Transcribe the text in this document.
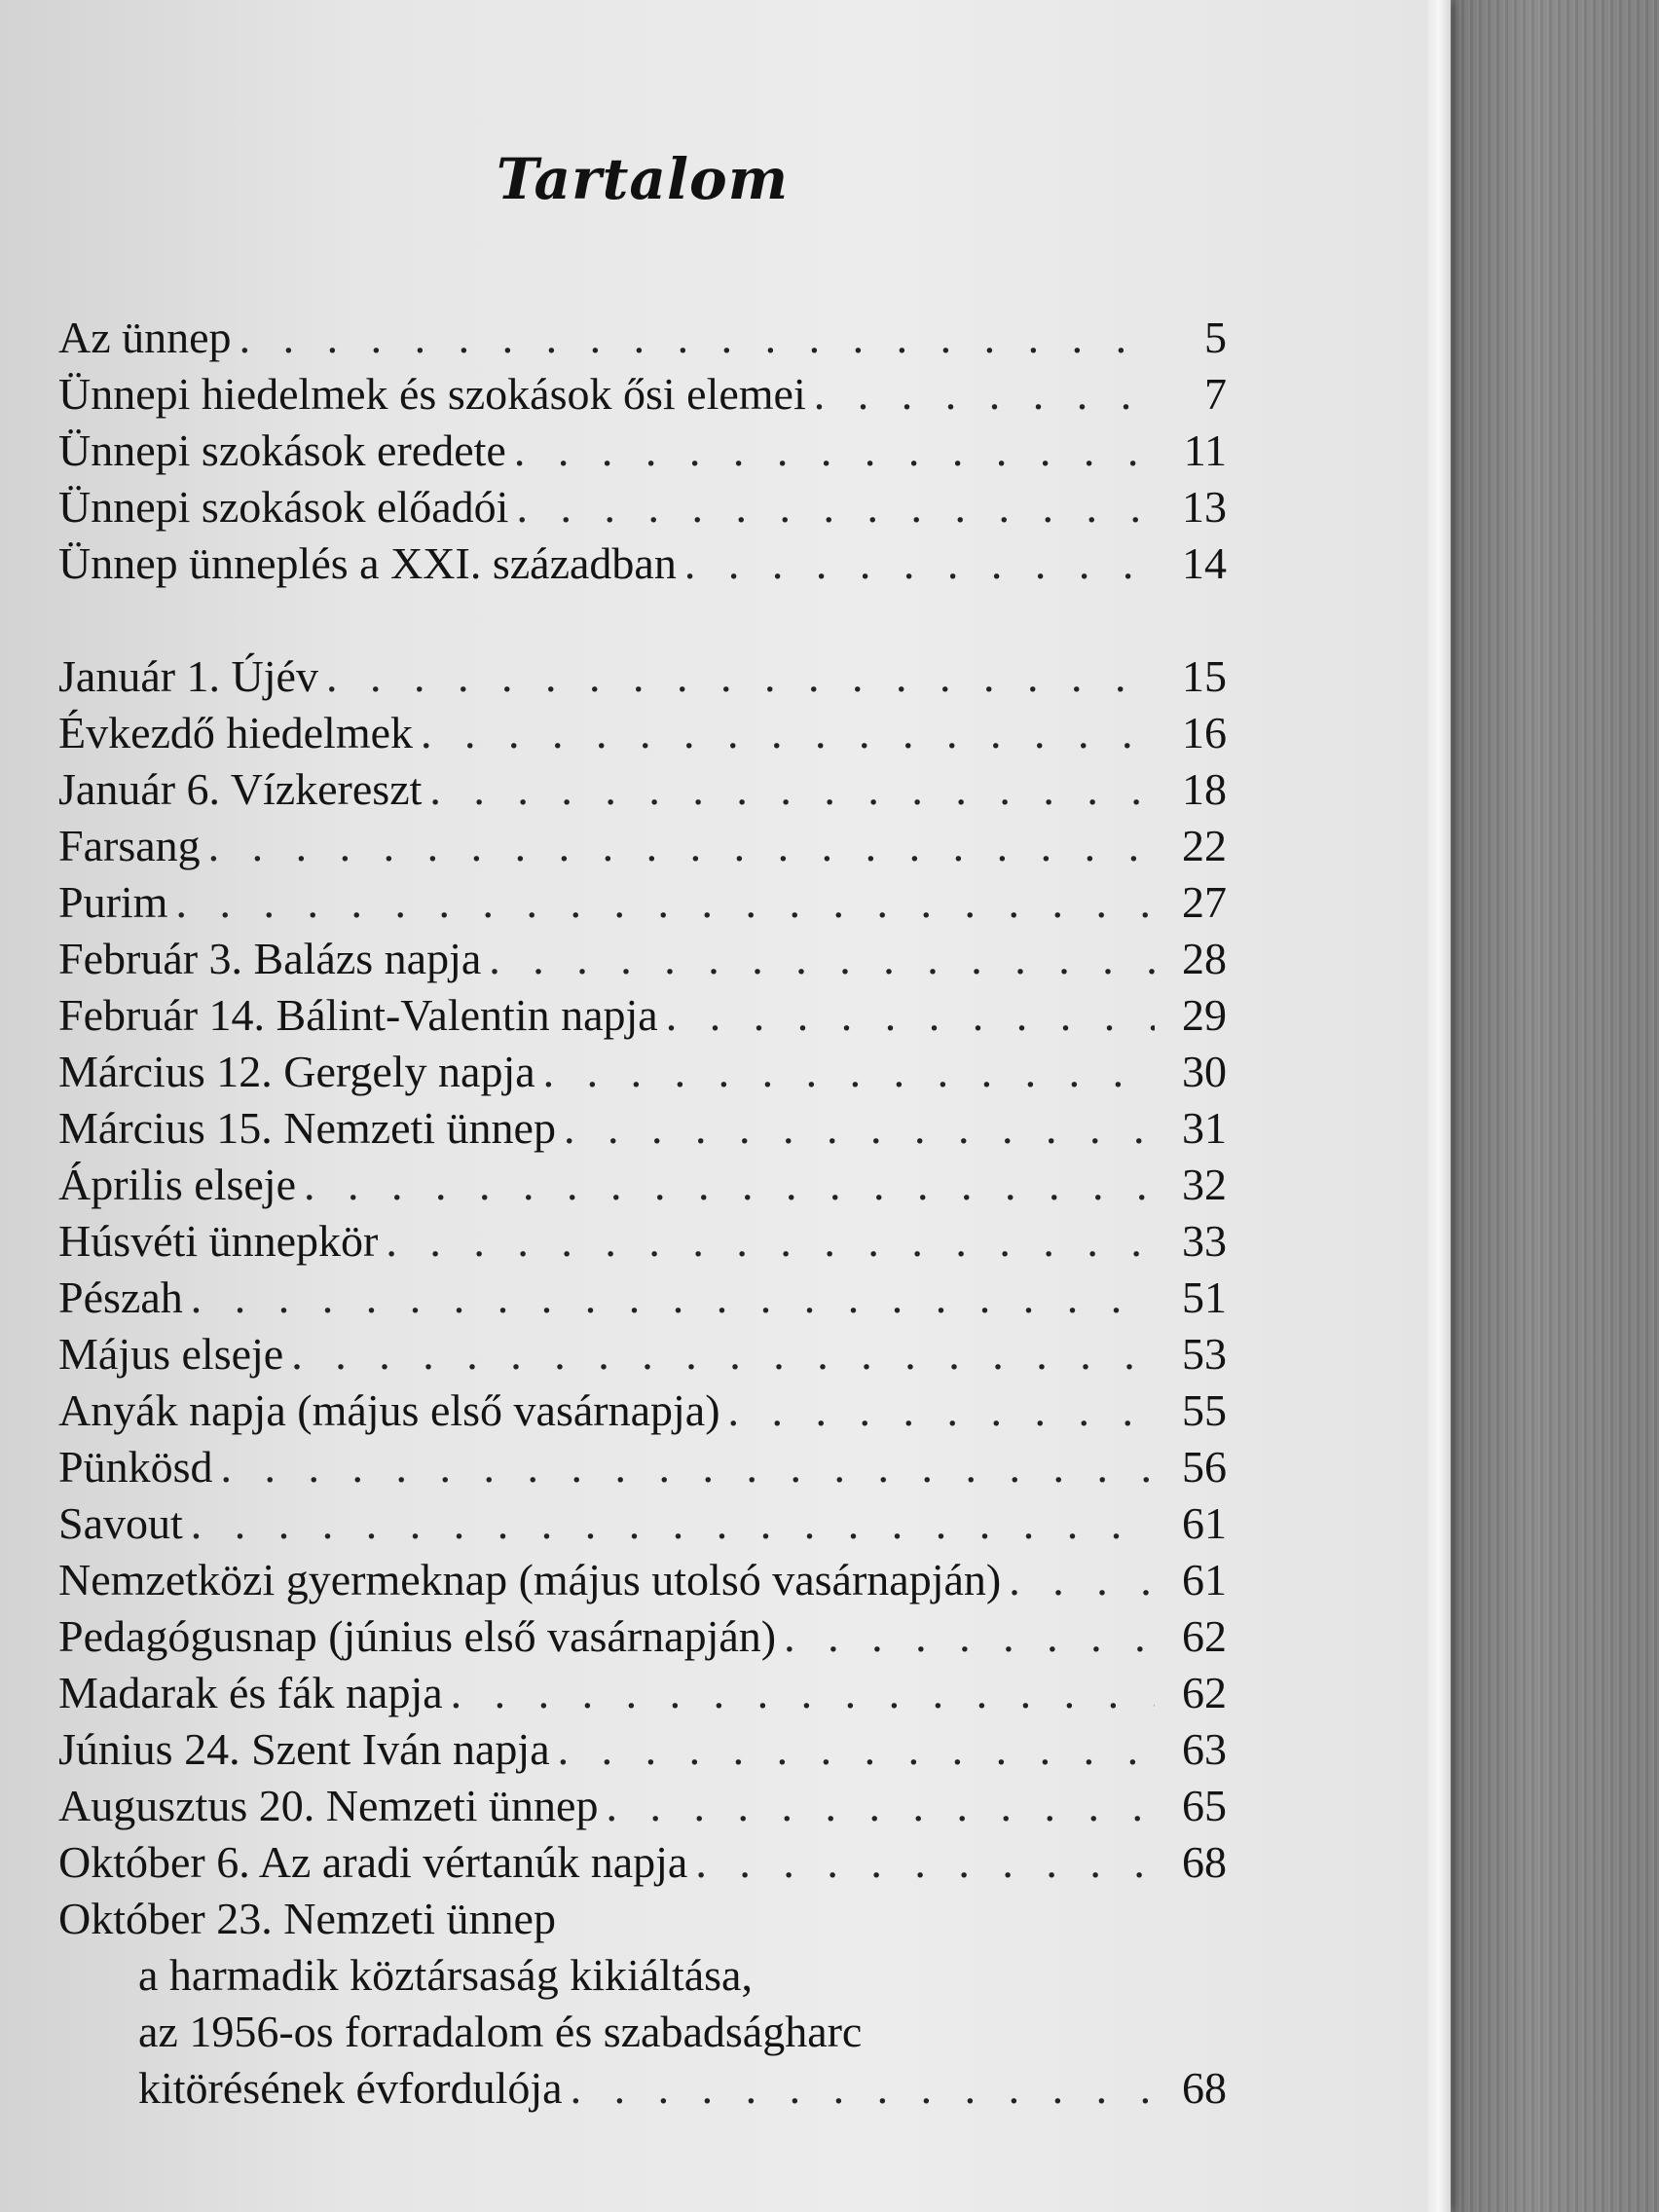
Tartalom
Az ünnep . . .	5
Ünnepi hiedelmek és szokások ősi elemei . . .	7
Ünnepi szokások eredete . . .	11
Ünnepi szokások előadói . . .	13
Ünnep ünneplés a XXI. században . . .	14
Január 1. Újév . . .	15
Évkezdő hiedelmek . . .	16
Január 6. Vízkereszt . . .	18
Farsang . . .	22
Purim . . .	27
Február 3. Balázs napja . . .	28
Február 14. Bálint-Valentin napja . . .	29
Március 12. Gergely napja . . .	30
Március 15. Nemzeti ünnep . . .	31
Április elseje . . .	32
Húsvéti ünnepkör . . .	33
Pészah . . .	51
Május elseje . . .	53
Anyák napja (május első vasárnapja) . . .	55
Pünkösd . . .	56
Savout . . .	61
Nemzetközi gyermeknap (május utolsó vasárnapján) . . .	61
Pedagógusnap (június első vasárnapján) . . .	62
Madarak és fák napja . . .	62
Június 24. Szent Iván napja . . .	63
Augusztus 20. Nemzeti ünnep . . .	65
Október 6. Az aradi vértanúk napja . . .	68
Október 23. Nemzeti ünnep
a harmadik köztársaság kikiáltása,
az 1956-os forradalom és szabadságharc
kitörésének évfordulója . . .	68
